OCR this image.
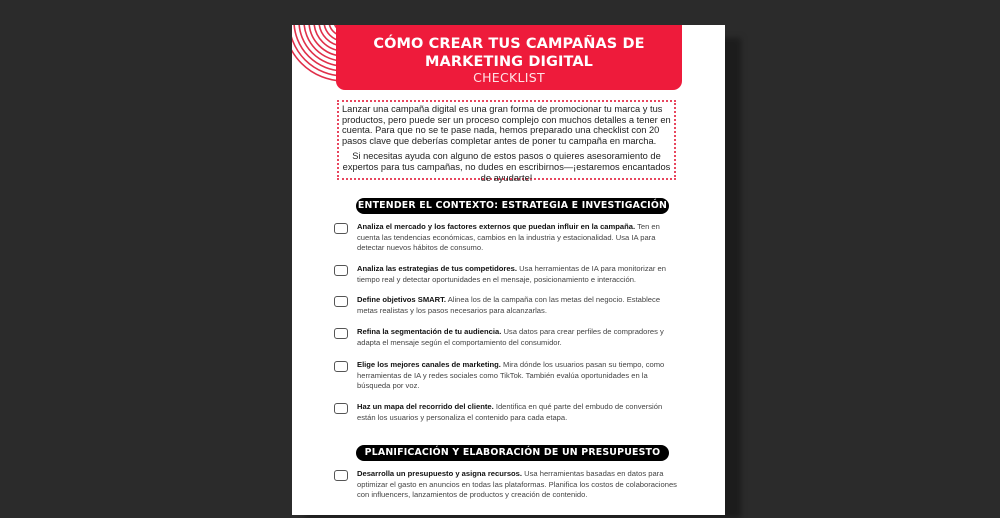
CÓMO CREAR TUS CAMPAÑAS DE
MARKETING DIGITAL
CHECKLIST

Lanzar una campaña digital es una gran forma de promocionar tu marca y tus productos, pero puede ser un proceso complejo con muchos detalles a tener en cuenta. Para que no se te pase nada, hemos preparado una checklist con 20 pasos clave que deberías completar antes de poner tu campaña en marcha.

Si necesitas ayuda con alguno de estos pasos o quieres asesoramiento de expertos para tus campañas, no dudes en escribirnos—¡estaremos encantados de ayudarte!

ENTENDER EL CONTEXTO: ESTRATEGIA E INVESTIGACIÓN
Analiza el mercado y los factores externos que puedan influir en la campaña. Ten en cuenta las tendencias económicas, cambios en la industria y estacionalidad. Usa IA para detectar nuevos hábitos de consumo.
Analiza las estrategias de tus competidores. Usa herramientas de IA para monitorizar en tiempo real y detectar oportunidades en el mensaje, posicionamiento e interacción.
Define objetivos SMART. Alinea los de la campaña con las metas del negocio. Establece metas realistas y los pasos necesarios para alcanzarlas.
Refina la segmentación de tu audiencia. Usa datos para crear perfiles de compradores y adapta el mensaje según el comportamiento del consumidor.
Elige los mejores canales de marketing. Mira dónde los usuarios pasan su tiempo, como herramientas de IA y redes sociales como TikTok. También evalúa oportunidades en la búsqueda por voz.
Haz un mapa del recorrido del cliente. Identifica en qué parte del embudo de conversión están los usuarios y personaliza el contenido para cada etapa.
PLANIFICACIÓN Y ELABORACIÓN DE UN PRESUPUESTO
Desarrolla un presupuesto y asigna recursos. Usa herramientas basadas en datos para optimizar el gasto en anuncios en todas las plataformas. Planifica los costos de colaboraciones con influencers, lanzamientos de productos y creación de contenido.
